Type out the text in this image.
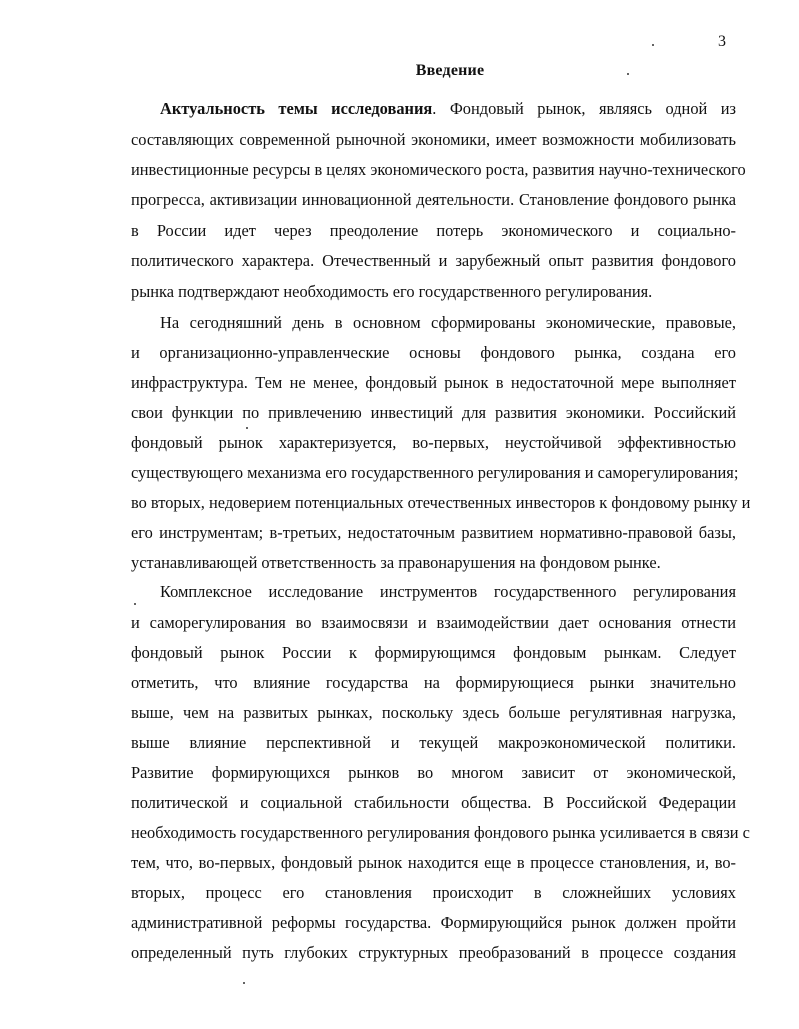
3
Введение
Актуальность темы исследования. Фондовый рынок, являясь одной из
составляющих современной рыночной экономики, имеет возможности мобилизовать
инвестиционные ресурсы в целях экономического роста, развития научно-технического
прогресса, активизации инновационной деятельности. Становление фондового рынка
в России идет через преодоление потерь экономического и социально-
политического характера. Отечественный и зарубежный опыт развития фондового
рынка подтверждают необходимость его государственного регулирования.
На сегодняшний день в основном сформированы экономические, правовые,
и организационно-управленческие основы фондового рынка, создана его
инфраструктура. Тем не менее, фондовый рынок в недостаточной мере выполняет
свои функции по привлечению инвестиций для развития экономики. Российский
фондовый рынок характеризуется, во-первых, неустойчивой эффективностью
существующего механизма его государственного регулирования и саморегулирования;
во вторых, недоверием потенциальных отечественных инвесторов к фондовому рынку и
его инструментам; в-третьих, недостаточным развитием нормативно-правовой базы,
устанавливающей ответственность за правонарушения на фондовом рынке.
Комплексное исследование инструментов государственного регулирования
и саморегулирования во взаимосвязи и взаимодействии дает основания отнести
фондовый рынок России к формирующимся фондовым рынкам. Следует
отметить, что влияние государства на формирующиеся рынки значительно
выше, чем на развитых рынках, поскольку здесь больше регулятивная нагрузка,
выше влияние перспективной и текущей макроэкономической политики.
Развитие формирующихся рынков во многом зависит от экономической,
политической и социальной стабильности общества. В Российской Федерации
необходимость государственного регулирования фондового рынка усиливается в связи с
тем, что, во-первых, фондовый рынок находится еще в процессе становления, и, во-
вторых, процесс его становления происходит в сложнейших условиях
административной реформы государства. Формирующийся рынок должен пройти
определенный путь глубоких структурных преобразований в процессе создания
